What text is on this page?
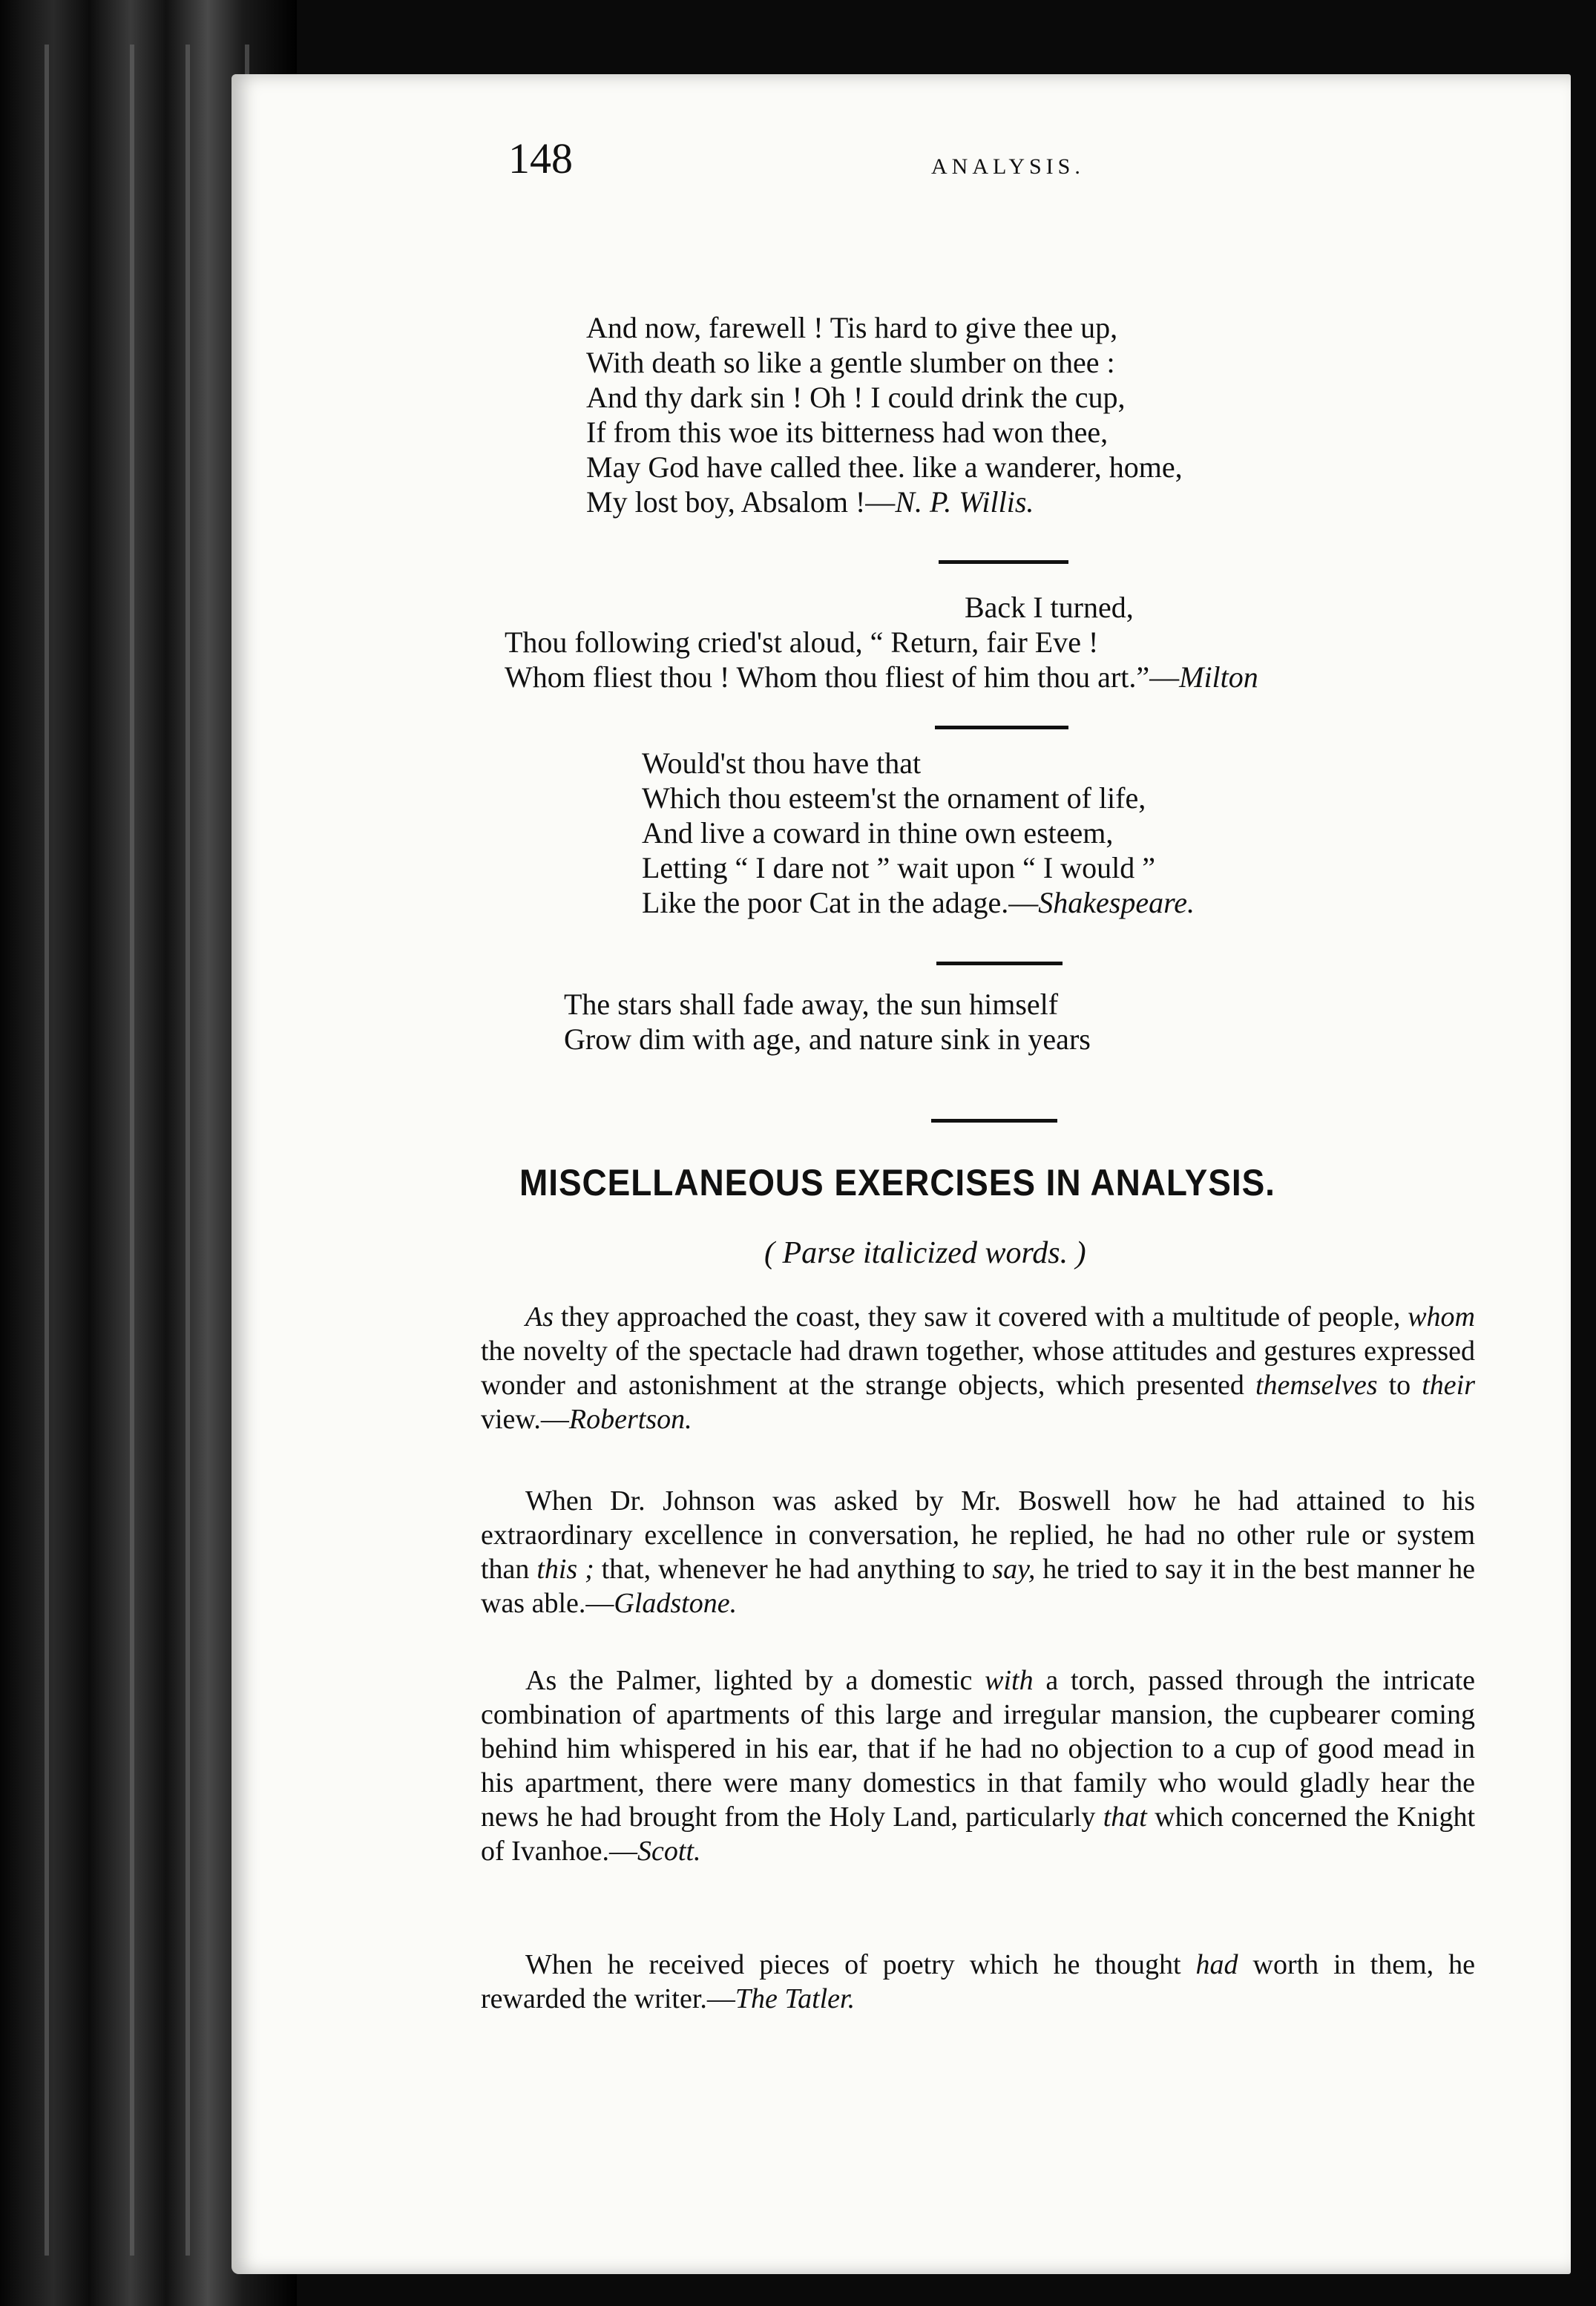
148	ANALYSIS.
And now, farewell ! Tis hard to give thee up,
With death so like a gentle slumber on thee :
And thy dark sin ! Oh ! I could drink the cup,
If from this woe its bitterness had won thee,
May God have called thee. like a wanderer, home,
My lost boy, Absalom !—N. P. Willis.
Back I turned,
Thou following cried'st aloud, “ Return, fair Eve !
Whom fliest thou ! Whom thou fliest of him thou art.”—Milton
Would'st thou have that
Which thou esteem'st the ornament of life,
And live a coward in thine own esteem,
Letting “ I dare not ” wait upon “ I would ”
Like the poor Cat in the adage.—Shakespeare.
The stars shall fade away, the sun himself
Grow dim with age, and nature sink in years
MISCELLANEOUS EXERCISES IN ANALYSIS.
( Parse italicized words. )

As they approached the coast, they saw it covered with a multitude of people, whom the novelty of the spectacle had drawn together, whose attitudes and gestures expressed wonder and astonishment at the strange objects, which presented themselves to their view.—Robertson.

When Dr. Johnson was asked by Mr. Boswell how he had attained to his extraordinary excellence in conversation, he replied, he had no other rule or system than this ; that, whenever he had anything to say, he tried to say it in the best manner he was able.—Gladstone.

As the Palmer, lighted by a domestic with a torch, passed through the intricate combination of apartments of this large and irregular mansion, the cupbearer coming behind him whispered in his ear, that if he had no objection to a cup of good mead in his apartment, there were many domestics in that family who would gladly hear the news he had brought from the Holy Land, particularly that which concerned the Knight of Ivanhoe.—Scott.

When he received pieces of poetry which he thought had worth in them, he rewarded the writer.—The Tatler.
